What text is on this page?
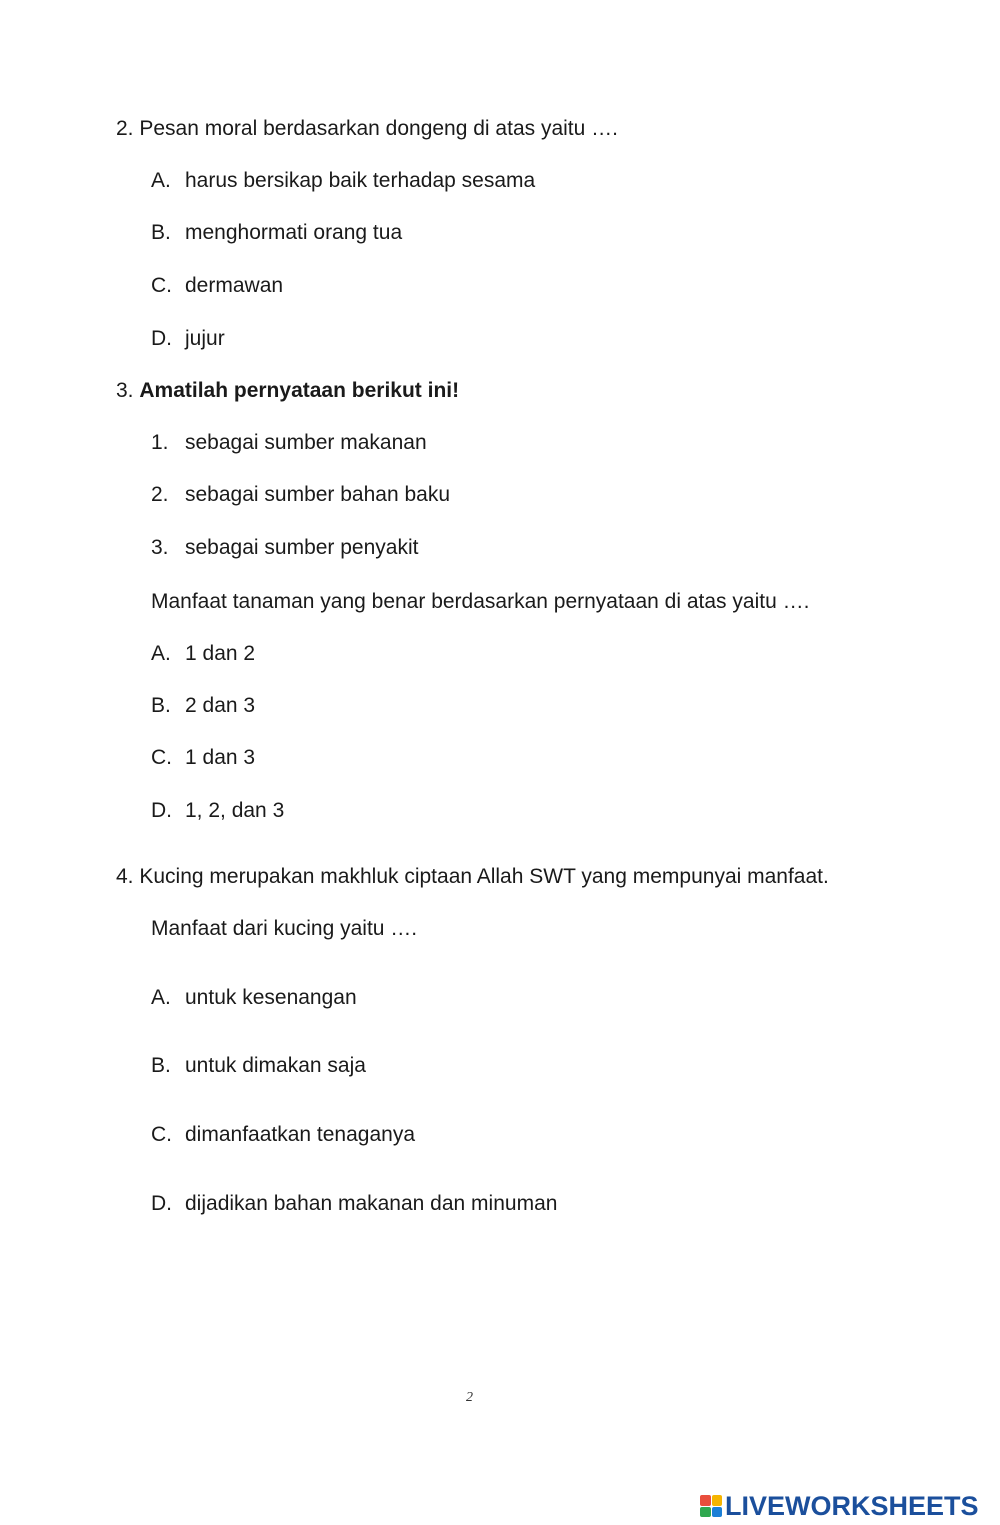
2. Pesan moral berdasarkan dongeng di atas yaitu ….
A. harus bersikap baik terhadap sesama
B. menghormati orang tua
C. dermawan
D. jujur
3. Amatilah pernyataan berikut ini!
1. sebagai sumber makanan
2. sebagai sumber bahan baku
3. sebagai sumber penyakit
Manfaat tanaman yang benar berdasarkan pernyataan di atas yaitu ….
A. 1 dan 2
B. 2 dan 3
C. 1 dan 3
D. 1, 2, dan 3
4. Kucing merupakan makhluk ciptaan Allah SWT yang mempunyai manfaat.
Manfaat dari kucing yaitu ….
A. untuk kesenangan
B. untuk dimakan saja
C. dimanfaatkan tenaganya
D. dijadikan bahan makanan dan minuman
2
LIVEWORKSHEETS
